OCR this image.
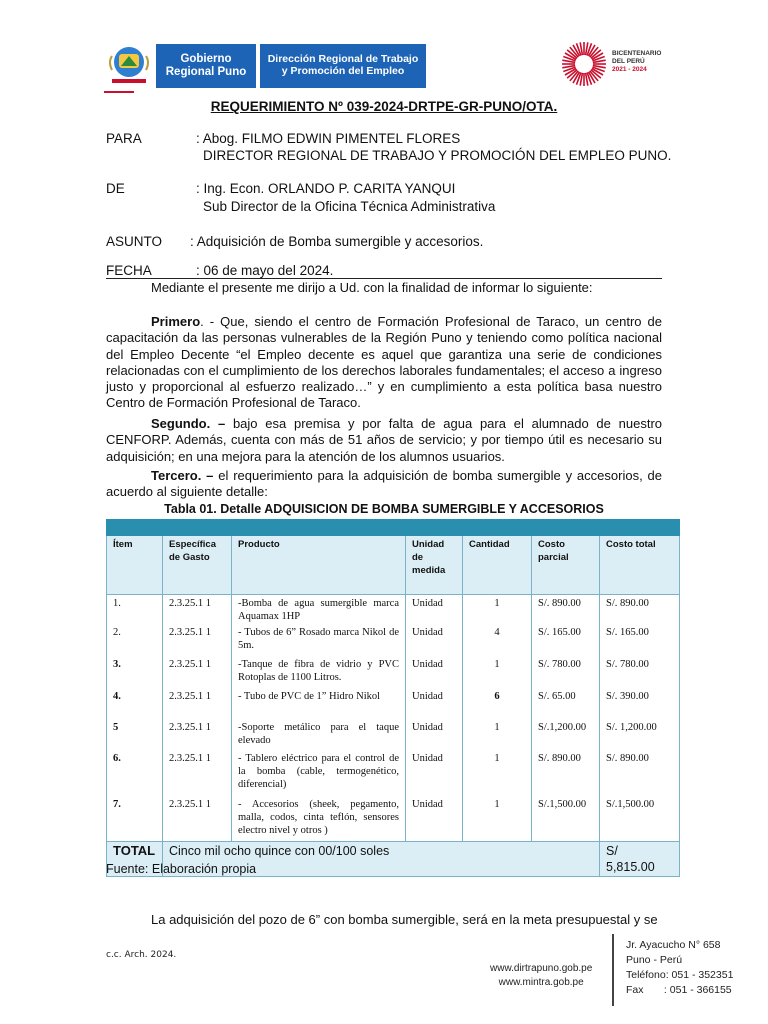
Gobierno
Regional Puno
Dirección Regional de Trabajo
y Promoción del Empleo
BICENTENARIO
DEL PERÚ
2021 - 2024
REQUERIMIENTO Nº 039-2024-DRTPE-GR-PUNO/OTA.
PARA	: Abog. FILMO EDWIN PIMENTEL FLORES
DIRECTOR REGIONAL DE TRABAJO Y PROMOCIÓN DEL EMPLEO PUNO.
DE	: Ing. Econ. ORLANDO P. CARITA YANQUI
Sub Director de la Oficina Técnica Administrativa
ASUNTO : Adquisición de Bomba sumergible y accesorios.
FECHA	: 06 de mayo del 2024.
Mediante el presente me dirijo a Ud. con la finalidad de informar lo siguiente:
Primero. - Que, siendo el centro de Formación Profesional de Taraco, un centro de capacitación da las personas vulnerables de la Región Puno y teniendo como política nacional del Empleo Decente “el Empleo decente es aquel que garantiza una serie de condiciones relacionadas con el cumplimiento de los derechos laborales fundamentales; el acceso a ingreso justo y proporcional al esfuerzo realizado…” y en cumplimiento a esta política basa nuestro Centro de Formación Profesional de Taraco.
Segundo. – bajo esa premisa y por falta de agua para el alumnado de nuestro CENFORP. Además, cuenta con más de 51 años de servicio; y por tiempo útil es necesario su adquisición; en una mejora para la atención de los alumnos usuarios.
Tercero. – el requerimiento para la adquisición de bomba sumergible y accesorios, de acuerdo al siguiente detalle:
Tabla 01. Detalle ADQUISICION DE BOMBA SUMERGIBLE Y ACCESORIOS

Ítem	Específica de Gasto	Producto	Unidad de medida	Cantidad	Costo parcial	Costo total
1.	2.3.25.1 1	-Bomba de agua sumergible marca Aquamax 1HP	Unidad	1	S/. 890.00	S/. 890.00
2.	2.3.25.1 1	- Tubos de 6” Rosado marca Nikol de 5m.	Unidad	4	S/. 165.00	S/. 165.00
3.	2.3.25.1 1	-Tanque de fibra de vidrio y PVC Rotoplas de 1100 Litros.	Unidad	1	S/. 780.00	S/. 780.00
4.	2.3.25.1 1	- Tubo de PVC de 1” Hidro Nikol	Unidad	6	S/. 65.00	S/. 390.00
5	2.3.25.1 1	-Soporte metálico para el taque elevado	Unidad	1	S/.1,200.00	S/. 1,200.00
6.	2.3.25.1 1	- Tablero eléctrico para el control de la bomba (cable, termogenético, diferencial)	Unidad	1	S/. 890.00	S/. 890.00
7.	2.3.25.1 1	- Accesorios (sheek, pegamento, malla, codos, cinta teflón, sensores electro nivel y otros )	Unidad	1	S/.1,500.00	S/.1,500.00
TOTAL	Cinco mil ocho quince con 00/100 soles					S/
5,815.00
Fuente: Elaboración propia
La adquisición del pozo de 6” con bomba sumergible, será en la meta presupuestal y se
c.c. Arch. 2024.
www.dirtrapuno.gob.pe
www.mintra.gob.pe
Jr. Ayacucho N° 658
Puno - Perú
Teléfono: 051 - 352351
Fax       : 051 - 366155
